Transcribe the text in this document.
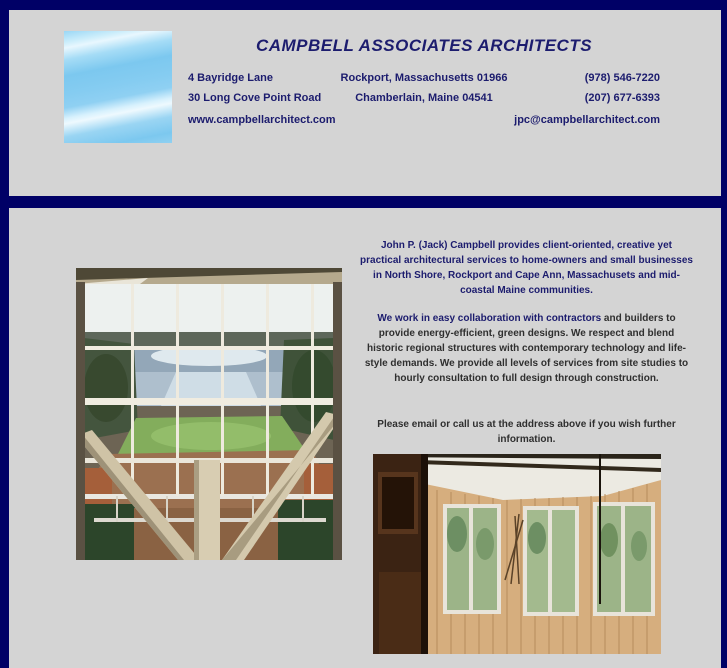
CAMPBELL ASSOCIATES ARCHITECTS
4 Bayridge Lane	Rockport, Massachusetts 01966	(978) 546-7220
30 Long Cove Point Road	Chamberlain, Maine 04541	(207) 677-6393
www.campbellarchitect.com	jpc@campbellarchitect.com

John P. (Jack) Campbell provides client-oriented, creative yet practical architectural services to home-owners and small businesses in North Shore, Rockport and Cape Ann, Massachusets and mid-coastal Maine communities.

We work in easy collaboration with contractors and builders to provide energy-efficient, green designs. We respect and blend historic regional structures with contemporary technology and life-style demands. We provide all levels of services from site studies to hourly consultation to full design through construction.

Please email or call us at the address above if you wish further information.
